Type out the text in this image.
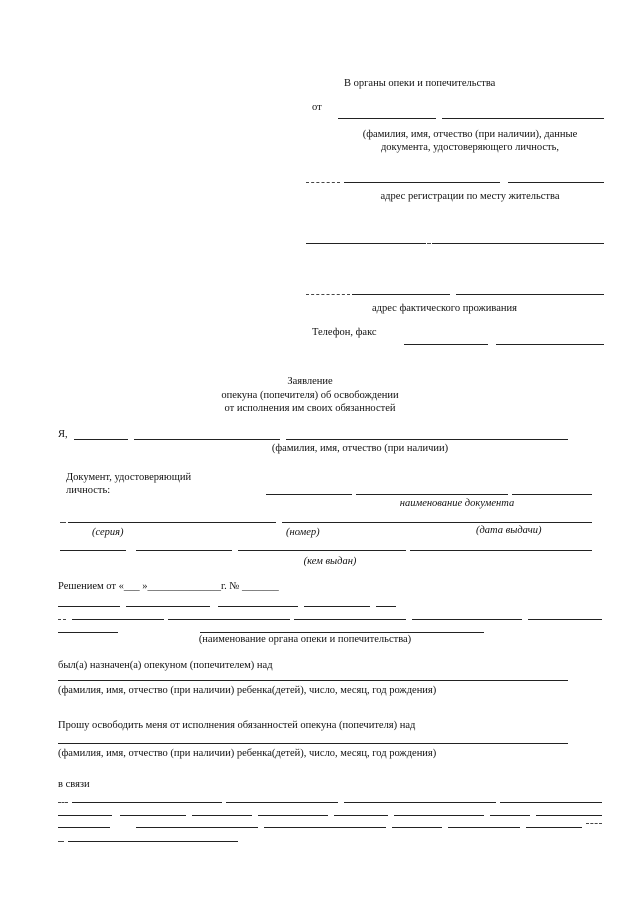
В органы опеки и попечительства
от
(фамилия, имя, отчество (при наличии), данные
документа, удостоверяющего личность,
адрес регистрации по месту жительства
адрес фактического проживания
Телефон, факс
Заявление
опекуна (попечителя) об освобождении
от исполнения им своих обязанностей
Я,
(фамилия, имя, отчество (при наличии)
Документ, удостоверяющий
личность:
наименование документа
(серия)	(номер)	(дата выдачи)
(кем выдан)
Решением от «___ »______________г. № _______
(наименование органа опеки и попечительства)
был(а) назначен(а) опекуном (попечителем) над
(фамилия, имя, отчество (при наличии) ребенка(детей), число, месяц, год рождения)
Прошу освободить меня от исполнения обязанностей опекуна (попечителя) над
(фамилия, имя, отчество (при наличии) ребенка(детей), число, месяц, год рождения)
в связи
